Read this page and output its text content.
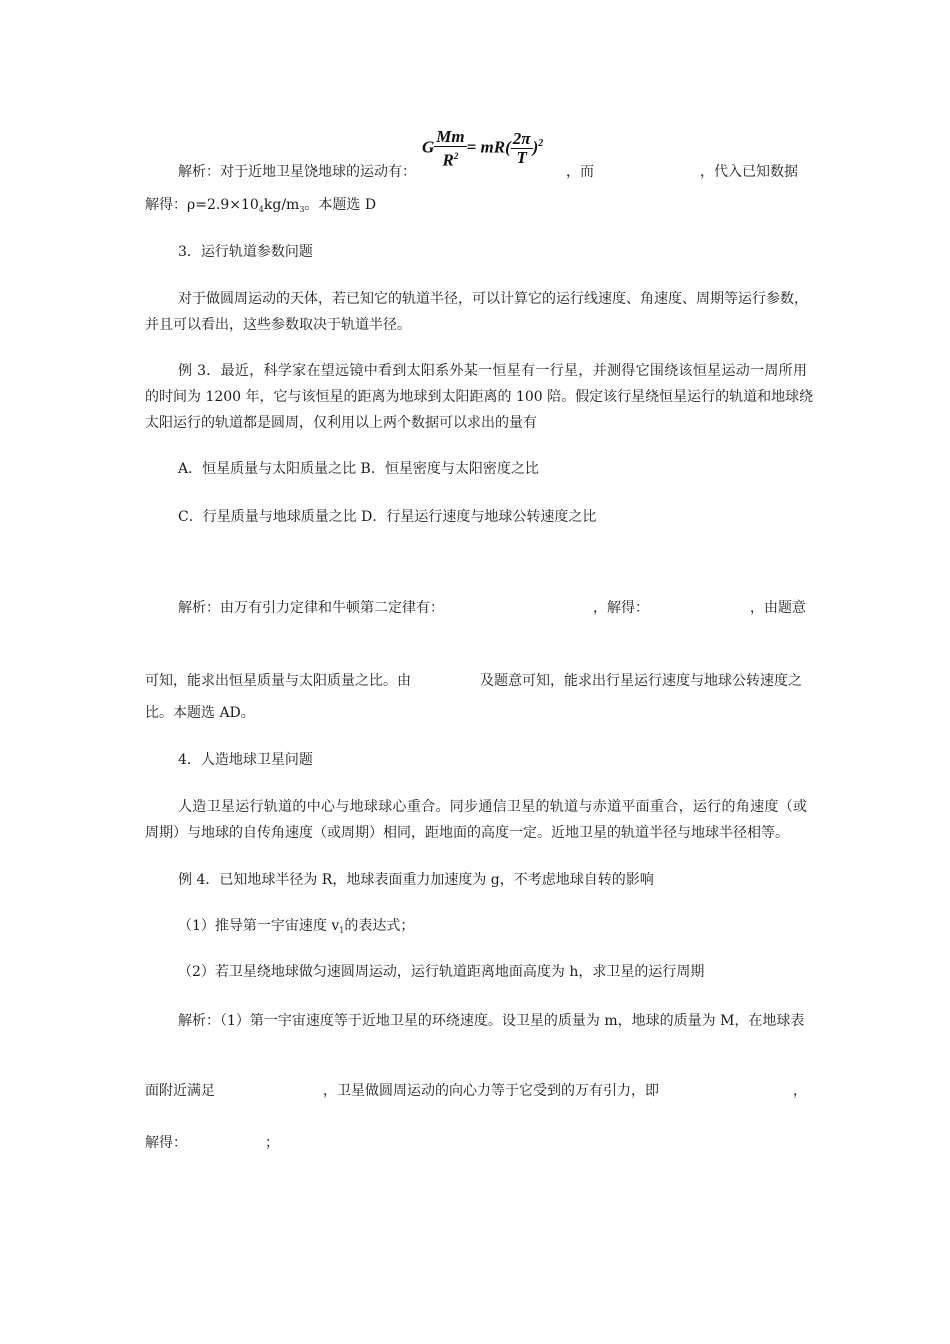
G $\frac{Mm}{R^2} = mR( \frac{2\pi}{T} )^2$
解析：对于近地卫星饶地球的运动有：	，而	，代入已知数据
解得：$\rho=2.9\times 10_4kg/m_3$。本题选 D
3．运行轨道参数问题
对于做圆周运动的天体，若已知它的轨道半径，可以计算它的运行线速度、角速度、周期等运行参数，
并且可以看出，这些参数取决于轨道半径。
例 3．最近，科学家在望远镜中看到太阳系外某一恒星有一行星，并测得它围绕该恒星运动一周所用
的时间为 1200 年，它与该恒星的距离为地球到太阳距离的 100 陪。假定该行星绕恒星运行的轨道和地球绕
太阳运行的轨道都是圆周，仅利用以上两个数据可以求出的量有
A．恒星质量与太阳质量之比 B．恒星密度与太阳密度之比
C．行星质量与地球质量之比 D．行星运行速度与地球公转速度之比
解析：由万有引力定律和牛顿第二定律有：	，解得：	，由题意
可知，能求出恒星质量与太阳质量之比。由	及题意可知，能求出行星运行速度与地球公转速度之
比。本题选 AD。
4．人造地球卫星问题
人造卫星运行轨道的中心与地球球心重合。同步通信卫星的轨道与赤道平面重合，运行的角速度（或
周期）与地球的自传角速度（或周期）相同，距地面的高度一定。近地卫星的轨道半径与地球半径相等。
例 4．已知地球半径为 R，地球表面重力加速度为 g，不考虑地球自转的影响
（1）推导第一宇宙速度 $v_1$的表达式；
（2）若卫星绕地球做匀速圆周运动，运行轨道距离地面高度为 h，求卫星的运行周期
解析：（1）第一宇宙速度等于近地卫星的环绕速度。设卫星的质量为 m，地球的质量为 M，在地球表
面附近满足	，卫星做圆周运动的向心力等于它受到的万有引力，即	，
解得：	；
